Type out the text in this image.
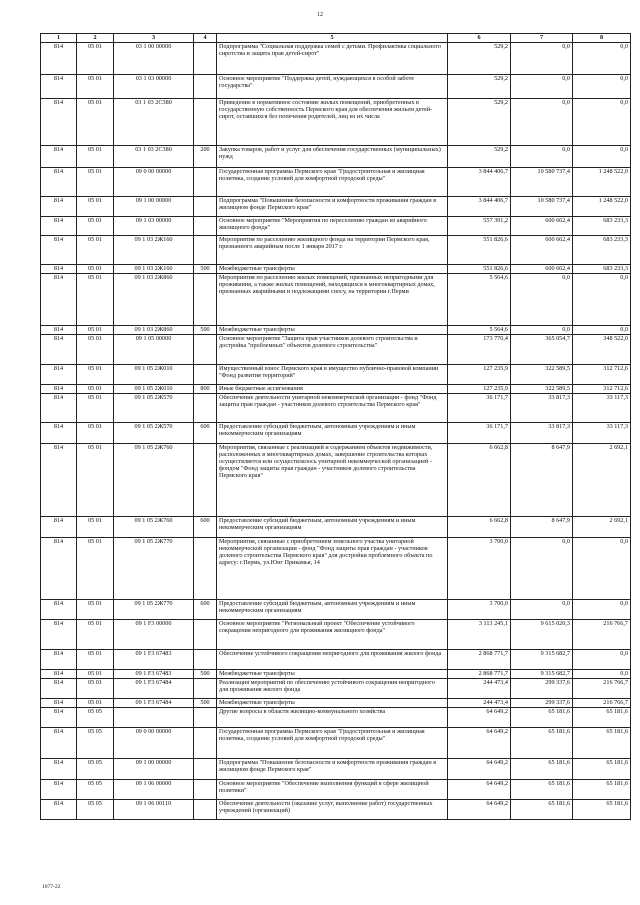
12
1	2	3	4	5	6	7	8
814	05 01	03 1 00 00000		Подпрограмма "Социальная поддержка семей с детьми. Профилактика социального сиротства и защита прав детей-сирот"	529,2	0,0	0,0
814	05 01	03 1 03 00000		Основное мероприятие "Поддержка детей, нуждающихся в особой заботе государства"	529,2	0,0	0,0
814	05 01	03 1 03 2С380		Приведение в нормативное состояние жилых помещений, приобретенных в государственную собственность Пермского края для обеспечения жильем детей-сирот, оставшихся без попечения родителей, лиц из их числа	529,2	0,0	0,0
814	05 01	03 1 03 2С380	200	Закупка товаров, работ и услуг для обеспечения государственных (муниципальных) нужд	529,2	0,0	0,0
814	05 01	09 0 00 00000		Государственная программа Пермского края "Градостроительная и жилищная политика, создание условий для комфортной городской среды"	3 844 406,7	10 580 737,4	1 248 522,0
814	05 01	09 1 00 00000		Подпрограмма "Повышение безопасности и комфортности проживания граждан в жилищном фонде Пермского края"	3 844 406,7	10 580 737,4	1 248 522,0
814	05 01	09 1 03 00000		Основное мероприятие "Мероприятия по переселению граждан из аварийного жилищного фонда"	557 391,2	600 662,4	683 233,3
814	05 01	09 1 03 2Ж160		Мероприятия по расселению жилищного фонда на территории Пермского края, признанного аварийным после 1 января 2017 г.	551 826,6	600 662,4	683 233,3
814	05 01	09 1 03 2Ж160	500	Межбюджетные трансферты	551 826,6	600 662,4	683 233,3
814	05 01	09 1 03 2Ж860		Мероприятия по расселению жилых помещений, признанных непригодными для проживания, а также жилых помещений, находящихся в многоквартирных домах, признанных аварийными и подлежащими сносу, на территории г.Перми	5 564,6	0,0	0,0
814	05 01	09 1 03 2Ж860	500	Межбюджетные трансферты	5 564,6	0,0	0,0
814	05 01	09 1 05 00000		Основное мероприятие "Защита прав участников долевого строительства и достройка "проблемных" объектов долевого строительства"	173 770,4	365 054,7	348 522,0
814	05 01	09 1 05 2Ж010		Имущественный взнос Пермского края в имущество публично-правовой компании "Фонд развития территорий"	127 235,9	322 589,5	312 712,6
814	05 01	09 1 05 2Ж010	800	Иные бюджетные ассигнования	127 235,9	322 589,5	312 712,6
814	05 01	09 1 05 2Ж570		Обеспечение деятельности унитарной некоммерческой организации - фонд "Фонд защиты прав граждан - участников долевого строительства Пермского края"	36 171,7	33 817,3	33 117,3
814	05 01	09 1 05 2Ж570	600	Предоставление субсидий бюджетным, автономным учреждениям и иным некоммерческим организациям	36 171,7	33 817,3	33 117,3
814	05 01	09 1 05 2Ж760		Мероприятия, связанные с реализацией и содержанием объектов недвижимости, расположенных в многоквартирных домах, завершение строительства которых осуществляется или осуществлялось унитарной некоммерческой организацией - фондом "Фонд защиты прав граждан - участников долевого строительства Пермского края"	6 662,8	8 647,9	2 692,1
814	05 01	09 1 05 2Ж760	600	Предоставление субсидий бюджетным, автономным учреждениям и иным некоммерческим организациям	6 662,8	8 647,9	2 692,1
814	05 01	09 1 05 2Ж770		Мероприятия, связанные с приобретением земельного участка унитарной некоммерческой организации - фонд "Фонд защиты прав граждан - участников долевого строительства Пермского края" для достройки проблемного объекта по адресу: г.Пермь, ул.Юнг Прикамья, 14	3 700,0	0,0	0,0
814	05 01	09 1 05 2Ж770	600	Предоставление субсидий бюджетным, автономным учреждениям и иным некоммерческим организациям	3 700,0	0,0	0,0
814	05 01	09 1 F3 00000		Основное мероприятие "Региональный проект "Обеспечение устойчивого сокращения непригодного для проживания жилищного фонда"	3 113 245,1	9 615 020,3	216 766,7
814	05 01	09 1 F3 67483		Обеспечение устойчивого сокращения непригодного для проживания жилого фонда	2 868 771,7	9 315 682,7	0,0
814	05 01	09 1 F3 67483	500	Межбюджетные трансферты	2 868 771,7	9 315 682,7	0,0
814	05 01	09 1 F3 67484		Реализация мероприятий по обеспечению устойчивого сокращения непригодного для проживания жилого фонда	244 473,4	299 337,6	216 766,7
814	05 01	09 1 F3 67484	500	Межбюджетные трансферты	244 473,4	299 337,6	216 766,7
814	05 05			Другие вопросы в области жилищно-коммунального хозяйства	64 649,2	65 181,6	65 181,6
814	05 05	09 0 00 00000		Государственная программа Пермского края "Градостроительная и жилищная политика, создание условий для комфортной городской среды"	64 649,2	65 181,6	65 181,6
814	05 05	09 1 00 00000		Подпрограмма "Повышение безопасности и комфортности проживания граждан в жилищном фонде Пермского края"	64 649,2	65 181,6	65 181,6
814	05 05	09 1 06 00000		Основное мероприятие "Обеспечение выполнения функций в сфере жилищной политики"	64 649,2	65 181,6	65 181,6
814	05 05	09 1 06 00110		Обеспечение деятельности (оказание услуг, выполнение работ) государственных учреждений (организаций)	64 649,2	65 181,6	65 181,6
1077-22
